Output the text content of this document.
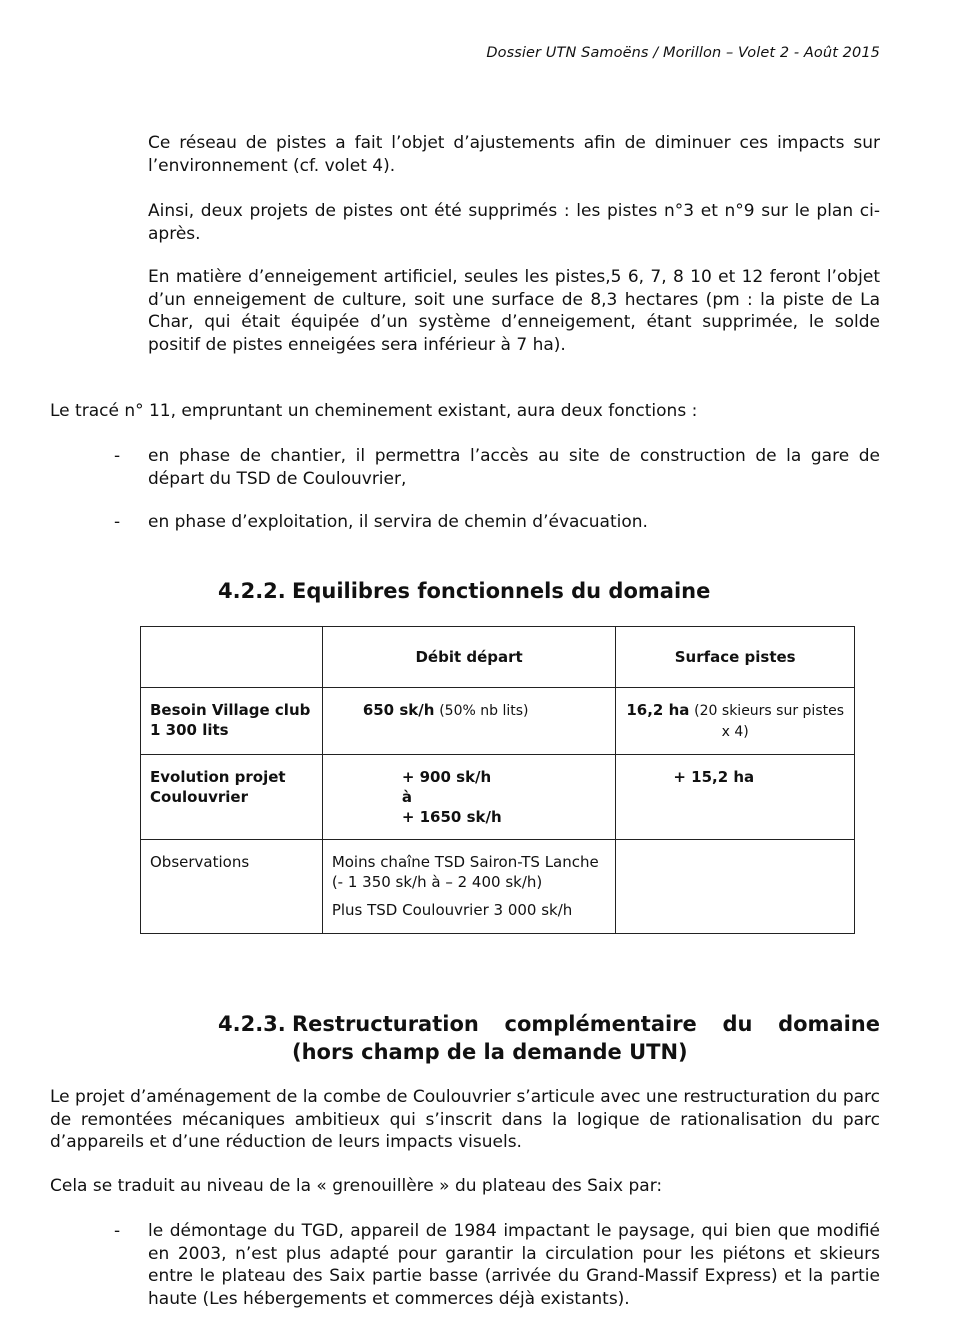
Dossier UTN Samoëns / Morillon – Volet 2 - Août 2015
Ce réseau de pistes a fait l’objet d’ajustements afin de diminuer ces impacts sur l’environnement (cf. volet 4).
Ainsi, deux projets de pistes ont été supprimés : les pistes n°3 et n°9 sur le plan ci-après.
En matière d’enneigement artificiel, seules les pistes,5 6, 7, 8 10 et 12 feront l’objet d’un enneigement de culture, soit une surface de 8,3 hectares (pm : la piste de La Char, qui était équipée d’un système d’enneigement, étant supprimée, le solde positif de pistes enneigées sera inférieur à 7 ha).
Le tracé n° 11, empruntant un cheminement existant, aura deux fonctions :
- en phase de chantier, il permettra l’accès au site de construction de la gare de départ du TSD de Coulouvrier,
- en phase d’exploitation, il servira de chemin d’évacuation.
4.2.2. Equilibres fonctionnels du domaine
	Débit départ	Surface pistes
Besoin Village club 1 300 lits	650 sk/h (50% nb lits)	16,2 ha (20 skieurs sur pistes x 4)
Evolution projet Coulouvrier	+ 900 sk/h
à
+ 1650 sk/h	+ 15,2 ha
Observations	Moins chaîne TSD Sairon-TS Lanche
(- 1 350 sk/h à – 2 400 sk/h)
Plus TSD Coulouvrier 3 000 sk/h	

4.2.3. Restructuration complémentaire du domaine
(hors champ de la demande UTN)
Le projet d’aménagement de la combe de Coulouvrier s’articule avec une restructuration du parc de remontées mécaniques ambitieux qui s’inscrit dans la logique de rationalisation du parc d’appareils et d’une réduction de leurs impacts visuels.
Cela se traduit au niveau de la « grenouillère » du plateau des Saix par:
- le démontage du TGD, appareil de 1984 impactant le paysage, qui bien que modifié en 2003, n’est plus adapté pour garantir la circulation pour les piétons et skieurs entre le plateau des Saix partie basse (arrivée du Grand-Massif Express) et la partie haute (Les hébergements et commerces déjà existants).
